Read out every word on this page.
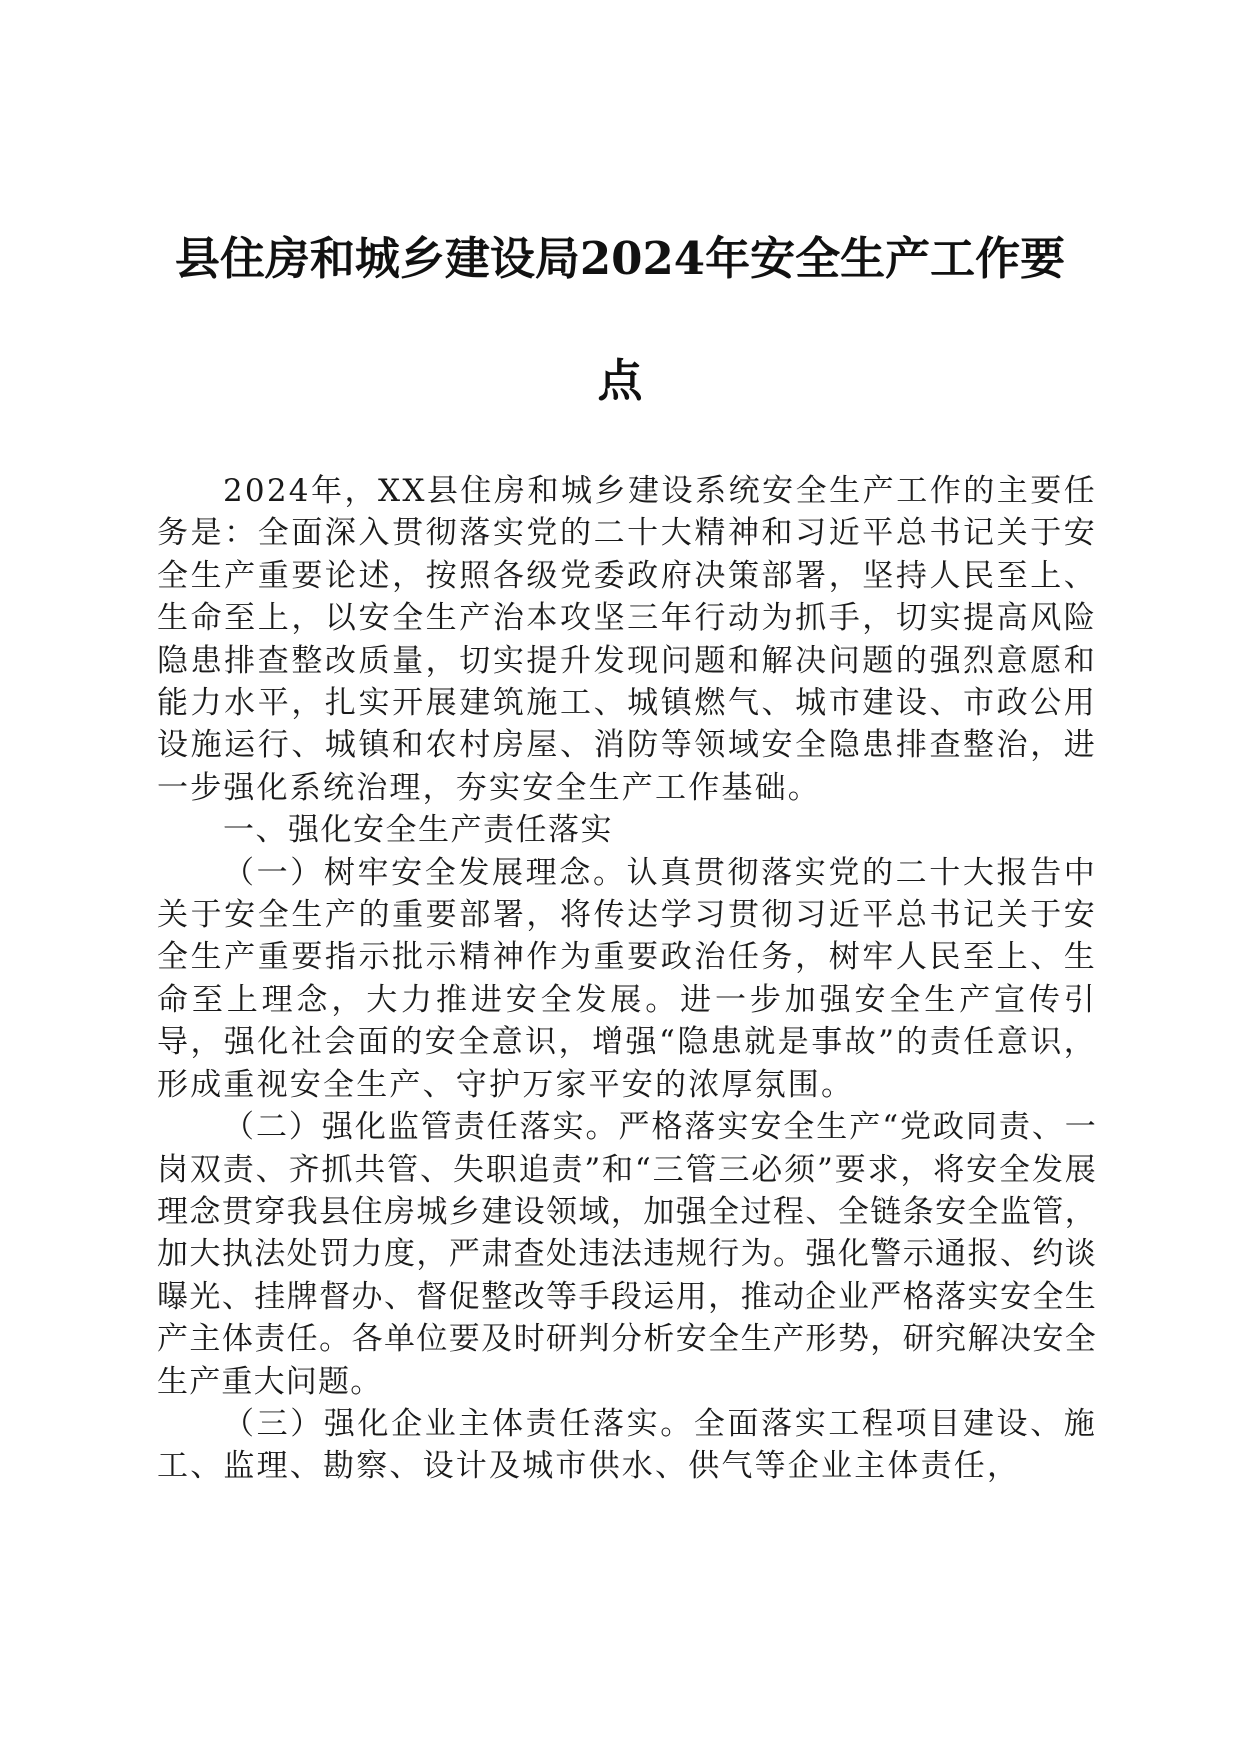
县住房和城乡建设局2024年安全生产工作要
点

2024年，XX县住房和城乡建设系统安全生产工作的主要任务是：全面深入贯彻落实党的二十大精神和习近平总书记关于安全生产重要论述，按照各级党委政府决策部署，坚持人民至上、生命至上，以安全生产治本攻坚三年行动为抓手，切实提高风险隐患排查整改质量，切实提升发现问题和解决问题的强烈意愿和能力水平，扎实开展建筑施工、城镇燃气、城市建设、市政公用设施运行、城镇和农村房屋、消防等领域安全隐患排查整治，进一步强化系统治理，夯实安全生产工作基础。

一、强化安全生产责任落实

（一）树牢安全发展理念。认真贯彻落实党的二十大报告中关于安全生产的重要部署，将传达学习贯彻习近平总书记关于安全生产重要指示批示精神作为重要政治任务，树牢人民至上、生命至上理念，大力推进安全发展。进一步加强安全生产宣传引导，强化社会面的安全意识，增强“隐患就是事故”的责任意识，形成重视安全生产、守护万家平安的浓厚氛围。

（二）强化监管责任落实。严格落实安全生产“党政同责、一岗双责、齐抓共管、失职追责”和“三管三必须”要求，将安全发展理念贯穿我县住房城乡建设领域，加强全过程、全链条安全监管，加大执法处罚力度，严肃查处违法违规行为。强化警示通报、约谈曝光、挂牌督办、督促整改等手段运用，推动企业严格落实安全生产主体责任。各单位要及时研判分析安全生产形势，研究解决安全生产重大问题。

（三）强化企业主体责任落实。全面落实工程项目建设、施工、监理、勘察、设计及城市供水、供气等企业主体责任，
